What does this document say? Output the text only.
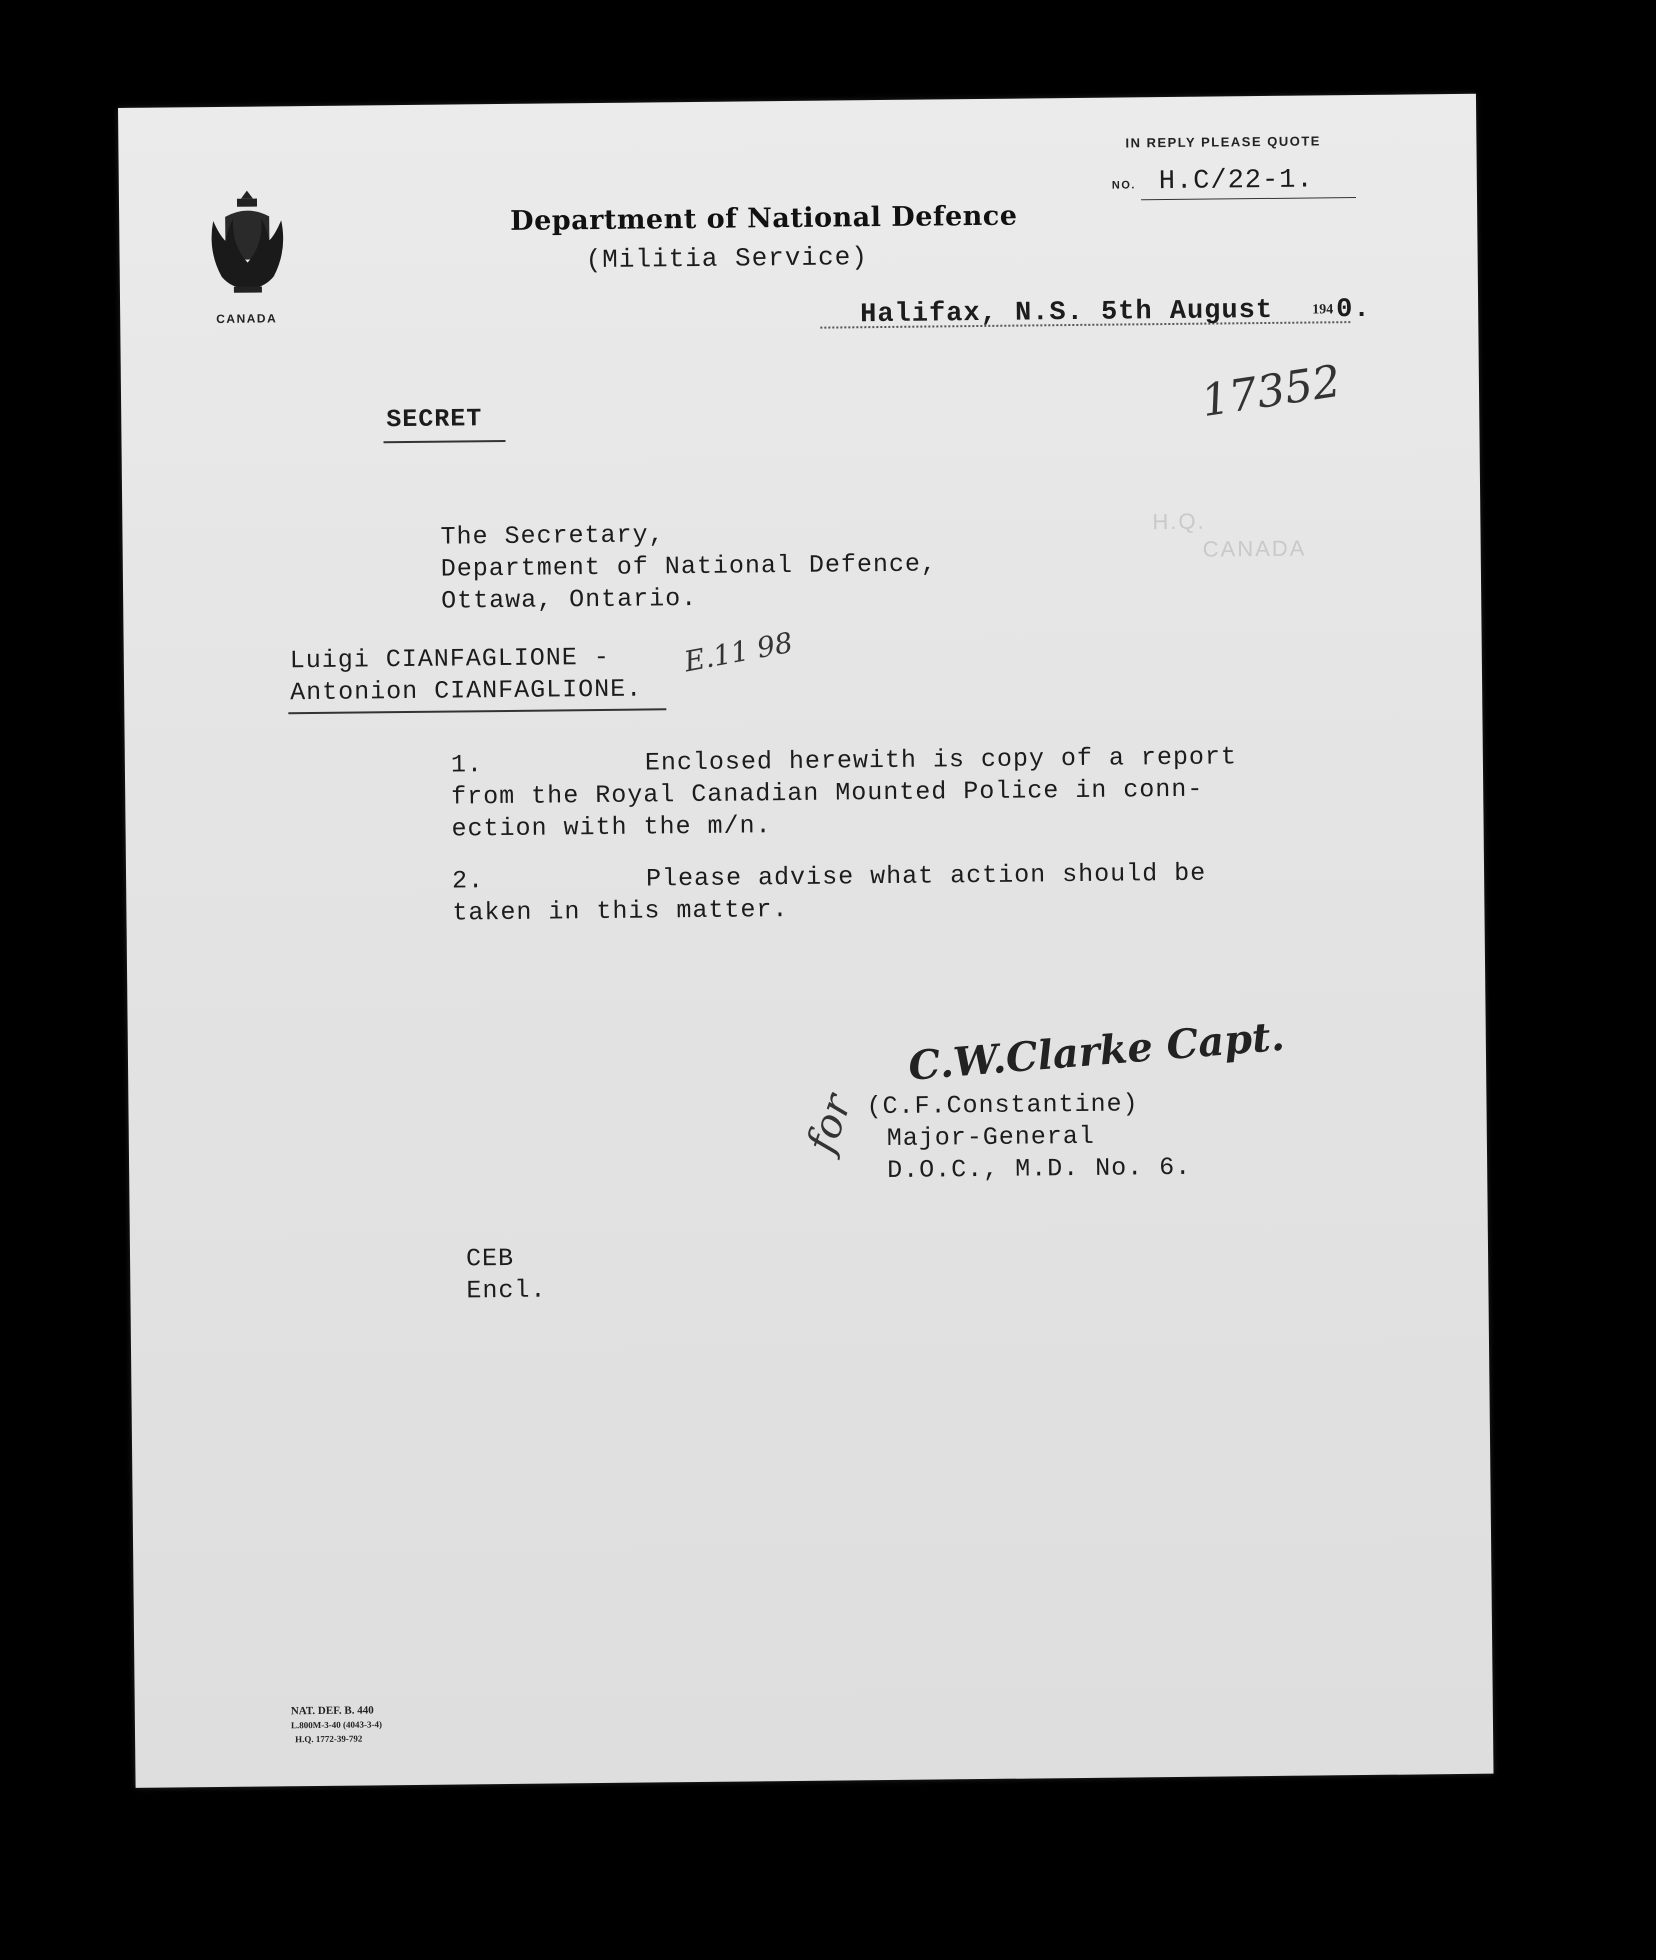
IN REPLY PLEASE QUOTE
NO. H.C/22-1.
CANADA
Department of National Defence
(Militia Service)
Halifax, N.S. 5th August	194 0.
17352
SECRET
H.Q.
CANADA
The Secretary,
Department of National Defence,
Ottawa, Ontario.
Luigi CIANFAGLIONE -
Antonion CIANFAGLIONE.
E.11 98
1.	Enclosed herewith is copy of a report
from the Royal Canadian Mounted Police in conn-
ection with the m/n.
2.	Please advise what action should be
taken in this matter.
C.W.Clarke Capt.
for (C.F.Constantine)
Major-General
D.O.C., M.D. No. 6.
CEB
Encl.
NAT. DEF. B. 440
L.800M-3-40 (4043-3-4)
H.Q. 1772-39-792
